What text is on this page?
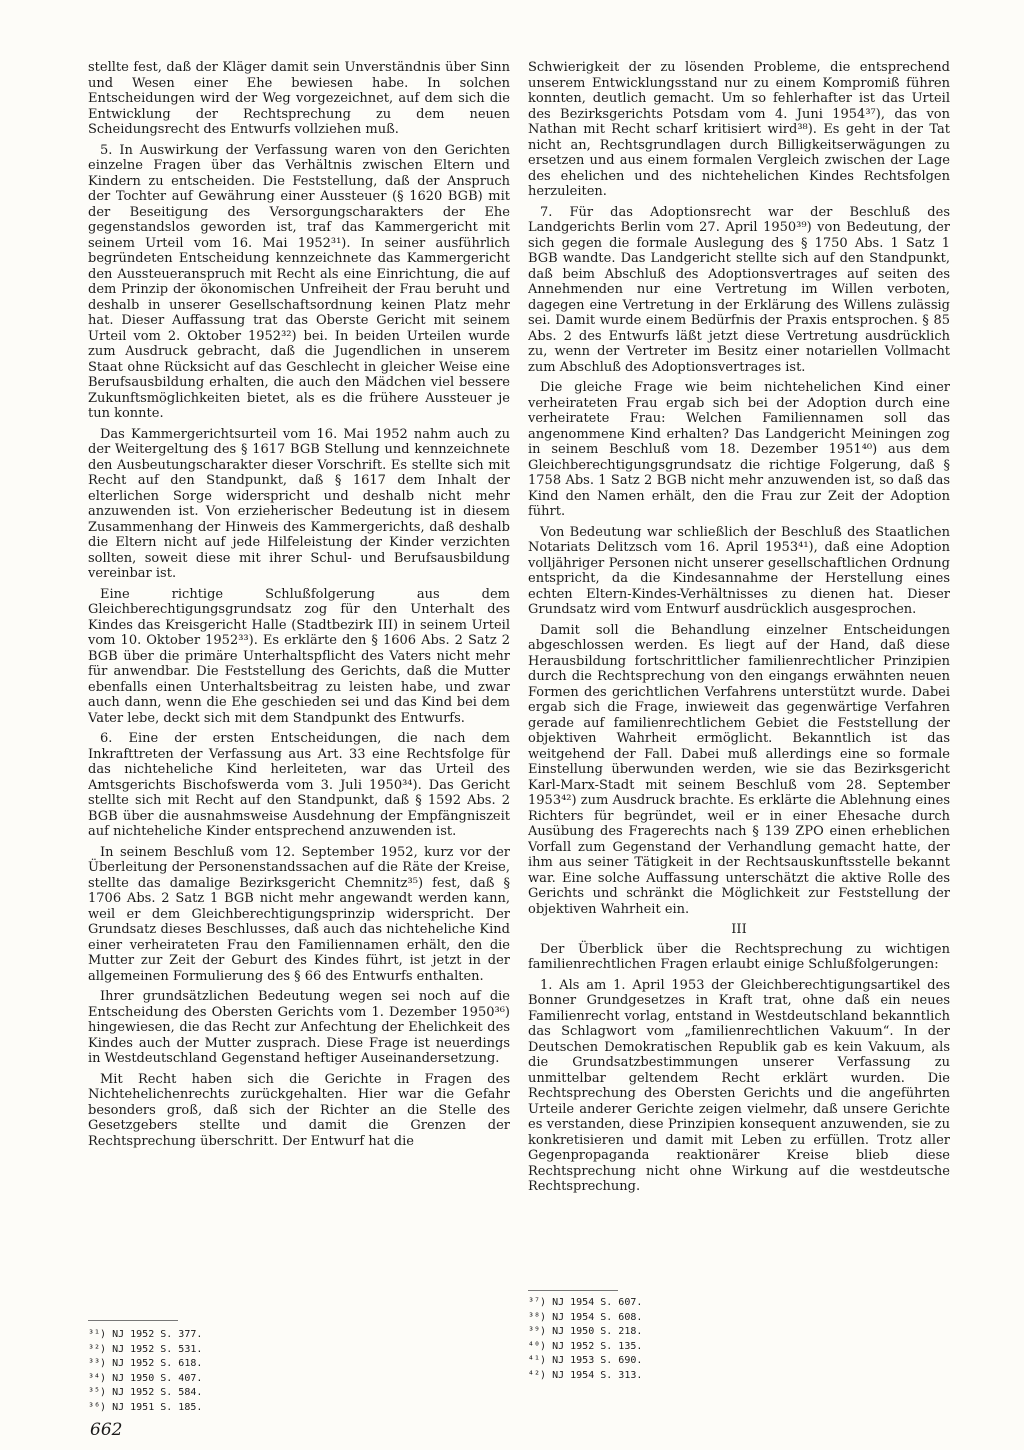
stellte fest, daß der Kläger damit sein Unverständnis über Sinn und Wesen einer Ehe bewiesen habe. In solchen Entscheidungen wird der Weg vorgezeichnet, auf dem sich die Entwicklung der Rechtsprechung zu dem neuen Scheidungsrecht des Entwurfs vollziehen muß.

5. In Auswirkung der Verfassung waren von den Gerichten einzelne Fragen über das Verhältnis zwischen Eltern und Kindern zu entscheiden. Die Feststellung, daß der Anspruch der Tochter auf Gewährung einer Aussteuer (§ 1620 BGB) mit der Beseitigung des Versorgungscharakters der Ehe gegenstandslos geworden ist, traf das Kammergericht mit seinem Urteil vom 16. Mai 1952³¹). In seiner ausführlich begründeten Entscheidung kennzeichnete das Kammergericht den Aussteueranspruch mit Recht als eine Einrichtung, die auf dem Prinzip der ökonomischen Unfreiheit der Frau beruht und deshalb in unserer Gesellschaftsordnung keinen Platz mehr hat. Dieser Auffassung trat das Oberste Gericht mit seinem Urteil vom 2. Oktober 1952³²) bei. In beiden Urteilen wurde zum Ausdruck gebracht, daß die Jugendlichen in unserem Staat ohne Rücksicht auf das Geschlecht in gleicher Weise eine Berufsausbildung erhalten, die auch den Mädchen viel bessere Zukunftsmöglichkeiten bietet, als es die frühere Aussteuer je tun konnte.

Das Kammergerichtsurteil vom 16. Mai 1952 nahm auch zu der Weitergeltung des § 1617 BGB Stellung und kennzeichnete den Ausbeutungscharakter dieser Vorschrift. Es stellte sich mit Recht auf den Standpunkt, daß § 1617 dem Inhalt der elterlichen Sorge widerspricht und deshalb nicht mehr anzuwenden ist. Von erzieherischer Bedeutung ist in diesem Zusammenhang der Hinweis des Kammergerichts, daß deshalb die Eltern nicht auf jede Hilfeleistung der Kinder verzichten sollten, soweit diese mit ihrer Schul- und Berufsausbildung vereinbar ist.

Eine richtige Schlußfolgerung aus dem Gleichberechtigungsgrundsatz zog für den Unterhalt des Kindes das Kreisgericht Halle (Stadtbezirk III) in seinem Urteil vom 10. Oktober 1952³³). Es erklärte den § 1606 Abs. 2 Satz 2 BGB über die primäre Unterhaltspflicht des Vaters nicht mehr für anwendbar. Die Feststellung des Gerichts, daß die Mutter ebenfalls einen Unterhaltsbeitrag zu leisten habe, und zwar auch dann, wenn die Ehe geschieden sei und das Kind bei dem Vater lebe, deckt sich mit dem Standpunkt des Entwurfs.

6. Eine der ersten Entscheidungen, die nach dem Inkrafttreten der Verfassung aus Art. 33 eine Rechtsfolge für das nichteheliche Kind herleiteten, war das Urteil des Amtsgerichts Bischofswerda vom 3. Juli 1950³⁴). Das Gericht stellte sich mit Recht auf den Standpunkt, daß § 1592 Abs. 2 BGB über die ausnahmsweise Ausdehnung der Empfängniszeit auf nichteheliche Kinder entsprechend anzuwenden ist.

In seinem Beschluß vom 12. September 1952, kurz vor der Überleitung der Personenstandssachen auf die Räte der Kreise, stellte das damalige Bezirksgericht Chemnitz³⁵) fest, daß § 1706 Abs. 2 Satz 1 BGB nicht mehr angewandt werden kann, weil er dem Gleichberechtigungsprinzip widerspricht. Der Grundsatz dieses Beschlusses, daß auch das nichteheliche Kind einer verheirateten Frau den Familiennamen erhält, den die Mutter zur Zeit der Geburt des Kindes führt, ist jetzt in der allgemeinen Formulierung des § 66 des Entwurfs enthalten.

Ihrer grundsätzlichen Bedeutung wegen sei noch auf die Entscheidung des Obersten Gerichts vom 1. Dezember 1950³⁶) hingewiesen, die das Recht zur Anfechtung der Ehelichkeit des Kindes auch der Mutter zusprach. Diese Frage ist neuerdings in Westdeutschland Gegenstand heftiger Auseinandersetzung.

Mit Recht haben sich die Gerichte in Fragen des Nichtehelichenrechts zurückgehalten. Hier war die Gefahr besonders groß, daß sich der Richter an die Stelle des Gesetzgebers stellte und damit die Grenzen der Rechtsprechung überschritt. Der Entwurf hat die

Schwierigkeit der zu lösenden Probleme, die entsprechend unserem Entwicklungsstand nur zu einem Kompromiß führen konnten, deutlich gemacht. Um so fehlerhafter ist das Urteil des Bezirksgerichts Potsdam vom 4. Juni 1954³⁷), das von Nathan mit Recht scharf kritisiert wird³⁸). Es geht in der Tat nicht an, Rechtsgrundlagen durch Billigkeitserwägungen zu ersetzen und aus einem formalen Vergleich zwischen der Lage des ehelichen und des nichtehelichen Kindes Rechtsfolgen herzuleiten.

7. Für das Adoptionsrecht war der Beschluß des Landgerichts Berlin vom 27. April 1950³⁹) von Bedeutung, der sich gegen die formale Auslegung des § 1750 Abs. 1 Satz 1 BGB wandte. Das Landgericht stellte sich auf den Standpunkt, daß beim Abschluß des Adoptionsvertrages auf seiten des Annehmenden nur eine Vertretung im Willen verboten, dagegen eine Vertretung in der Erklärung des Willens zulässig sei. Damit wurde einem Bedürfnis der Praxis entsprochen. § 85 Abs. 2 des Entwurfs läßt jetzt diese Vertretung ausdrücklich zu, wenn der Vertreter im Besitz einer notariellen Vollmacht zum Abschluß des Adoptionsvertrages ist.

Die gleiche Frage wie beim nichtehelichen Kind einer verheirateten Frau ergab sich bei der Adoption durch eine verheiratete Frau: Welchen Familiennamen soll das angenommene Kind erhalten? Das Landgericht Meiningen zog in seinem Beschluß vom 18. Dezember 1951⁴⁰) aus dem Gleichberechtigungsgrundsatz die richtige Folgerung, daß § 1758 Abs. 1 Satz 2 BGB nicht mehr anzuwenden ist, so daß das Kind den Namen erhält, den die Frau zur Zeit der Adoption führt.

Von Bedeutung war schließlich der Beschluß des Staatlichen Notariats Delitzsch vom 16. April 1953⁴¹), daß eine Adoption volljähriger Personen nicht unserer gesellschaftlichen Ordnung entspricht, da die Kindesannahme der Herstellung eines echten Eltern-Kindes-Verhältnisses zu dienen hat. Dieser Grundsatz wird vom Entwurf ausdrücklich ausgesprochen.

Damit soll die Behandlung einzelner Entscheidungen abgeschlossen werden. Es liegt auf der Hand, daß diese Herausbildung fortschrittlicher familienrechtlicher Prinzipien durch die Rechtsprechung von den eingangs erwähnten neuen Formen des gerichtlichen Verfahrens unterstützt wurde. Dabei ergab sich die Frage, inwieweit das gegenwärtige Verfahren gerade auf familienrechtlichem Gebiet die Feststellung der objektiven Wahrheit ermöglicht. Bekanntlich ist das weitgehend der Fall. Dabei muß allerdings eine so formale Einstellung überwunden werden, wie sie das Bezirksgericht Karl-Marx-Stadt mit seinem Beschluß vom 28. September 1953⁴²) zum Ausdruck brachte. Es erklärte die Ablehnung eines Richters für begründet, weil er in einer Ehesache durch Ausübung des Fragerechts nach § 139 ZPO einen erheblichen Vorfall zum Gegenstand der Verhandlung gemacht hatte, der ihm aus seiner Tätigkeit in der Rechtsauskunftsstelle bekannt war. Eine solche Auffassung unterschätzt die aktive Rolle des Gerichts und schränkt die Möglichkeit zur Feststellung der objektiven Wahrheit ein.

III

Der Überblick über die Rechtsprechung zu wichtigen familienrechtlichen Fragen erlaubt einige Schlußfolgerungen:

1. Als am 1. April 1953 der Gleichberechtigungsartikel des Bonner Grundgesetzes in Kraft trat, ohne daß ein neues Familienrecht vorlag, entstand in Westdeutschland bekanntlich das Schlagwort vom „familienrechtlichen Vakuum“. In der Deutschen Demokratischen Republik gab es kein Vakuum, als die Grundsatzbestimmungen unserer Verfassung zu unmittelbar geltendem Recht erklärt wurden. Die Rechtsprechung des Obersten Gerichts und die angeführten Urteile anderer Gerichte zeigen vielmehr, daß unsere Gerichte es verstanden, diese Prinzipien konsequent anzuwenden, sie zu konkretisieren und damit mit Leben zu erfüllen. Trotz aller Gegenpropaganda reaktionärer Kreise blieb diese Rechtsprechung nicht ohne Wirkung auf die westdeutsche Rechtsprechung.

³¹) NJ 1952 S. 377.
³²) NJ 1952 S. 531.
³³) NJ 1952 S. 618.
³⁴) NJ 1950 S. 407.
³⁵) NJ 1952 S. 584.
³⁶) NJ 1951 S. 185.
³⁷) NJ 1954 S. 607.
³⁸) NJ 1954 S. 608.
³⁹) NJ 1950 S. 218.
⁴⁰) NJ 1952 S. 135.
⁴¹) NJ 1953 S. 690.
⁴²) NJ 1954 S. 313.
662
